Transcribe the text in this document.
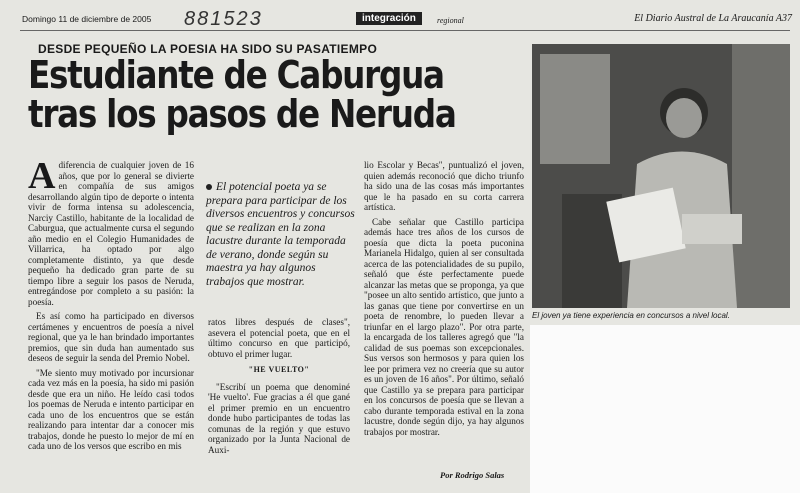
Domingo 11 de diciembre de 2005 881523	integración	regional	El Diario Austral de La Araucanía A37
DESDE PEQUEÑO LA POESIA HA SIDO SU PASATIEMPO
Estudiante de Caburgua
tras los pasos de Neruda
El joven ya tiene experiencia en concursos a nivel local.
A diferencia de cualquier joven de 16 años, que por lo general se divierte en compañía de sus amigos desarrollando algún tipo de deporte o intenta vivir de forma intensa su adolescencia, Narciy Castillo, habitante de la localidad de Caburgua, que actualmente cursa el segundo año medio en el Colegio Humanidades de Villarrica, ha optado por algo completamente distinto, ya que desde pequeño ha dedicado gran parte de su tiempo libre a seguir los pasos de Neruda, entregándose por completo a su pasión: la poesía.

Es así como ha participado en diversos certámenes y encuentros de poesía a nivel regional, que ya le han brindado importantes premios, que sin duda han aumentado sus deseos de seguir la senda del Premio Nobel.

"Me siento muy motivado por incursionar cada vez más en la poesía, ha sido mi pasión desde que era un niño. He leído casi todos los poemas de Neruda e intento participar en cada uno de los encuentros que se están realizando para intentar dar a conocer mis trabajos, donde he puesto lo mejor de mí en cada uno de los versos que escribo en mis

El potencial poeta ya se prepara para participar de los diversos encuentros y concursos que se realizan en la zona lacustre durante la temporada de verano, donde según su maestra ya hay algunos trabajos que mostrar.

ratos libres después de clases", asevera el potencial poeta, que en el último concurso en que participó, obtuvo el primer lugar.

"HE VUELTO"

"Escribí un poema que denominé 'He vuelto'. Fue gracias a él que gané el primer premio en un encuentro donde hubo participantes de todas las comunas de la región y que estuvo organizado por la Junta Nacional de Auxi-

lio Escolar y Becas", puntualizó el joven, quien además reconoció que dicho triunfo ha sido una de las cosas más importantes que le ha pasado en su corta carrera artística.

Cabe señalar que Castillo participa además hace tres años de los cursos de poesía que dicta la poeta puconina Marianela Hidalgo, quien al ser consultada acerca de las potencialidades de su pupilo, señaló que éste perfectamente puede alcanzar las metas que se proponga, ya que "posee un alto sentido artístico, que junto a las ganas que tiene por convertirse en un poeta de renombre, lo pueden llevar a triunfar en el largo plazo". Por otra parte, la encargada de los talleres agregó que "la calidad de sus poemas son excepcionales. Sus versos son hermosos y para quien los lee por primera vez no creería que su autor es un joven de 16 años". Por último, señaló que Castillo ya se prepara para participar en los concursos de poesía que se llevan a cabo durante temporada estival en la zona lacustre, donde según dijo, ya hay algunos trabajos por mostrar.

Por Rodrigo Salas
